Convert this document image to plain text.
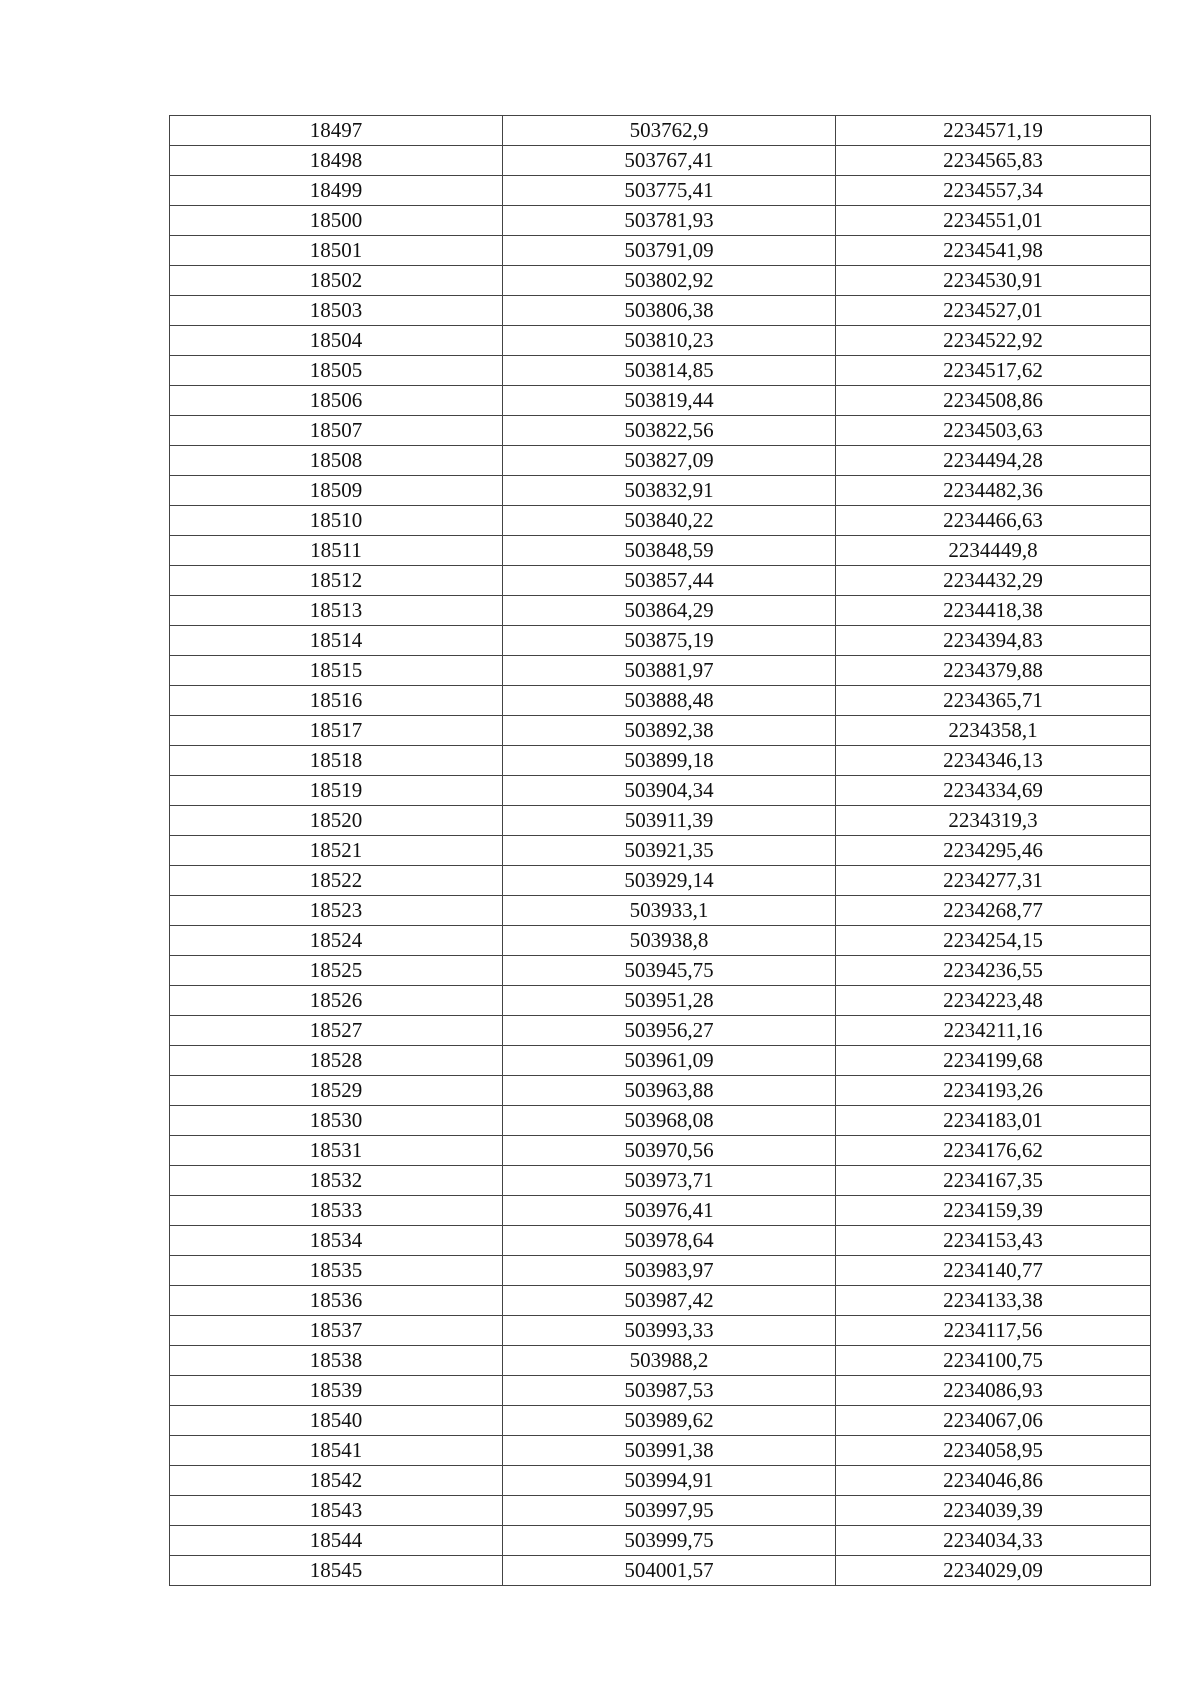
18497	503762,9	2234571,19
18498	503767,41	2234565,83
18499	503775,41	2234557,34
18500	503781,93	2234551,01
18501	503791,09	2234541,98
18502	503802,92	2234530,91
18503	503806,38	2234527,01
18504	503810,23	2234522,92
18505	503814,85	2234517,62
18506	503819,44	2234508,86
18507	503822,56	2234503,63
18508	503827,09	2234494,28
18509	503832,91	2234482,36
18510	503840,22	2234466,63
18511	503848,59	2234449,8
18512	503857,44	2234432,29
18513	503864,29	2234418,38
18514	503875,19	2234394,83
18515	503881,97	2234379,88
18516	503888,48	2234365,71
18517	503892,38	2234358,1
18518	503899,18	2234346,13
18519	503904,34	2234334,69
18520	503911,39	2234319,3
18521	503921,35	2234295,46
18522	503929,14	2234277,31
18523	503933,1	2234268,77
18524	503938,8	2234254,15
18525	503945,75	2234236,55
18526	503951,28	2234223,48
18527	503956,27	2234211,16
18528	503961,09	2234199,68
18529	503963,88	2234193,26
18530	503968,08	2234183,01
18531	503970,56	2234176,62
18532	503973,71	2234167,35
18533	503976,41	2234159,39
18534	503978,64	2234153,43
18535	503983,97	2234140,77
18536	503987,42	2234133,38
18537	503993,33	2234117,56
18538	503988,2	2234100,75
18539	503987,53	2234086,93
18540	503989,62	2234067,06
18541	503991,38	2234058,95
18542	503994,91	2234046,86
18543	503997,95	2234039,39
18544	503999,75	2234034,33
18545	504001,57	2234029,09
